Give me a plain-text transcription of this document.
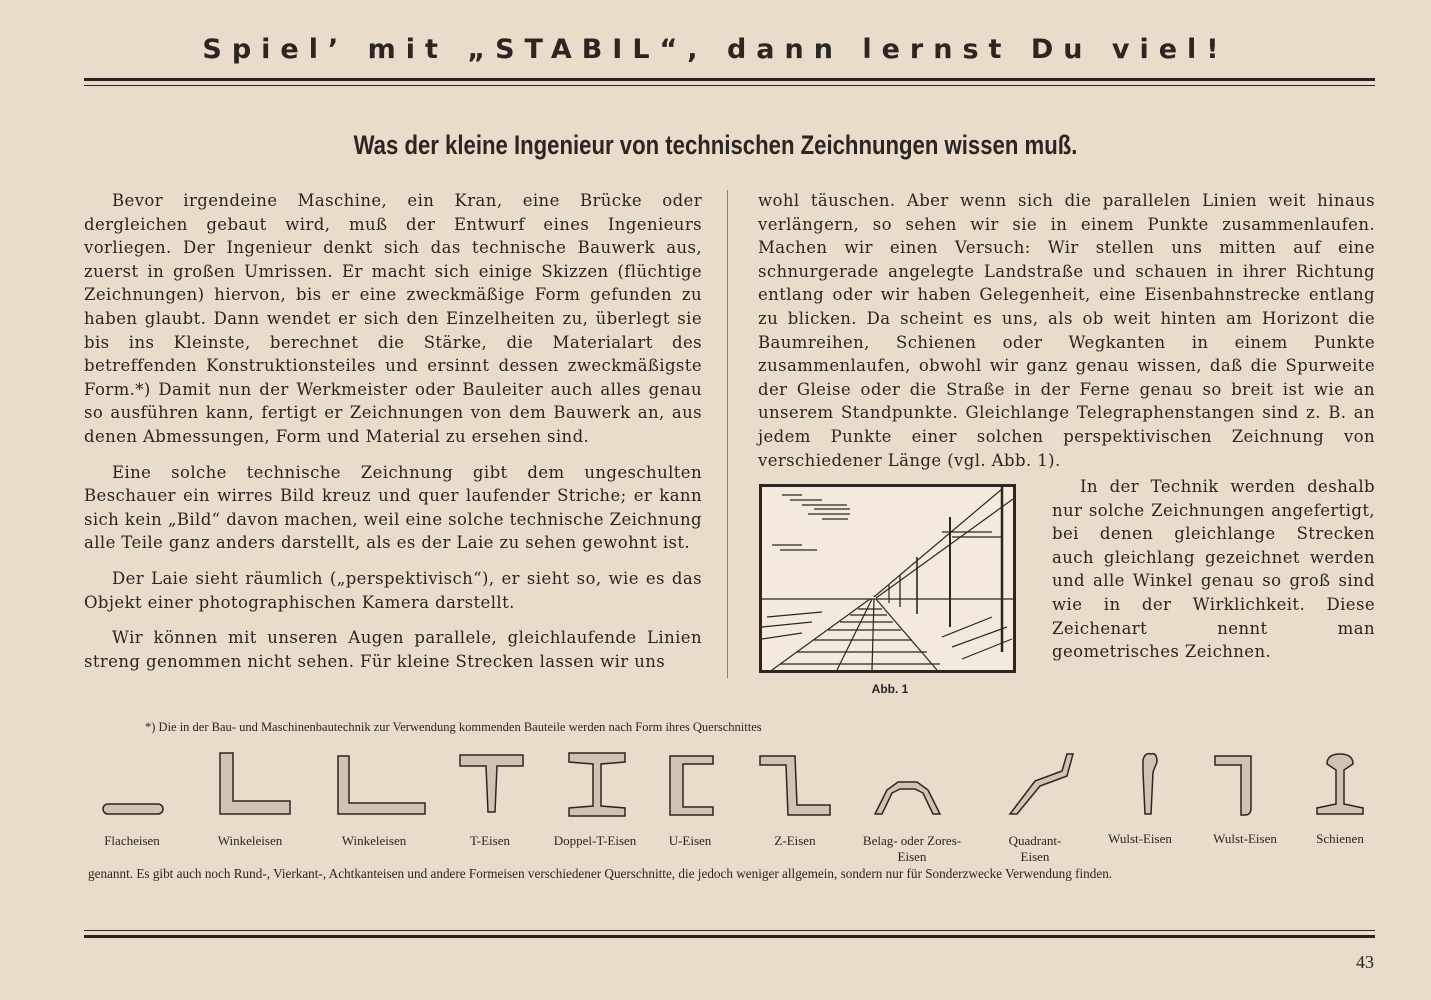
Spiel’ mit „STABIL“, dann lernst Du viel!
Was der kleine Ingenieur von technischen Zeichnungen wissen muß.

Bevor irgendeine Maschine, ein Kran, eine Brücke oder dergleichen gebaut wird, muß der Entwurf eines Ingenieurs vorliegen. Der Ingenieur denkt sich das technische Bauwerk aus, zuerst in großen Umrissen. Er macht sich einige Skizzen (flüchtige Zeichnungen) hiervon, bis er eine zweckmäßige Form gefunden zu haben glaubt. Dann wendet er sich den Einzelheiten zu, überlegt sie bis ins Kleinste, berechnet die Stärke, die Materialart des betreffenden Konstruktionsteiles und ersinnt dessen zweckmäßigste Form.*) Damit nun der Werkmeister oder Bauleiter auch alles genau so ausführen kann, fertigt er Zeichnungen von dem Bauwerk an, aus denen Abmessungen, Form und Material zu ersehen sind.

Eine solche technische Zeichnung gibt dem ungeschulten Beschauer ein wirres Bild kreuz und quer laufender Striche; er kann sich kein „Bild“ davon machen, weil eine solche technische Zeichnung alle Teile ganz anders darstellt, als es der Laie zu sehen gewohnt ist.

Der Laie sieht räumlich („perspektivisch“), er sieht so, wie es das Objekt einer photographischen Kamera darstellt.

Wir können mit unseren Augen parallele, gleichlaufende Linien streng genommen nicht sehen. Für kleine Strecken lassen wir uns

wohl täuschen. Aber wenn sich die parallelen Linien weit hinaus verlängern, so sehen wir sie in einem Punkte zusammenlaufen. Machen wir einen Versuch: Wir stellen uns mitten auf eine schnurgerade angelegte Landstraße und schauen in ihrer Richtung entlang oder wir haben Gelegenheit, eine Eisenbahnstrecke entlang zu blicken. Da scheint es uns, als ob weit hinten am Horizont die Baumreihen, Schienen oder Wegkanten in einem Punkte zusammenlaufen, obwohl wir ganz genau wissen, daß die Spurweite der Gleise oder die Straße in der Ferne genau so breit ist wie an unserem Standpunkte. Gleichlange Telegraphenstangen sind z. B. an jedem Punkte einer solchen perspektivischen Zeichnung von verschiedener Länge (vgl. Abb. 1).

In der Technik werden deshalb nur solche Zeichnungen angefertigt, bei denen gleichlange Strecken auch gleichlang gezeichnet werden und alle Winkel genau so groß sind wie in der Wirklichkeit. Diese Zeichenart nennt man geometrisches Zeichnen.

Abb. 1
*) Die in der Bau- und Maschinenbautechnik zur Verwendung kommenden Bauteile werden nach Form ihres Querschnittes
Flacheisen	Winkeleisen	Winkeleisen	T-Eisen	Doppel-T-Eisen	U-Eisen	Z-Eisen	Belag- oder Zores-Eisen
Quadrant-Eisen
Wulst-Eisen	Wulst-Eisen	Schienen
genannt. Es gibt auch noch Rund-, Vierkant-, Achtkanteisen und andere Formeisen verschiedener Querschnitte, die jedoch weniger allgemein, sondern nur für Sonderzwecke Verwendung finden.
43
